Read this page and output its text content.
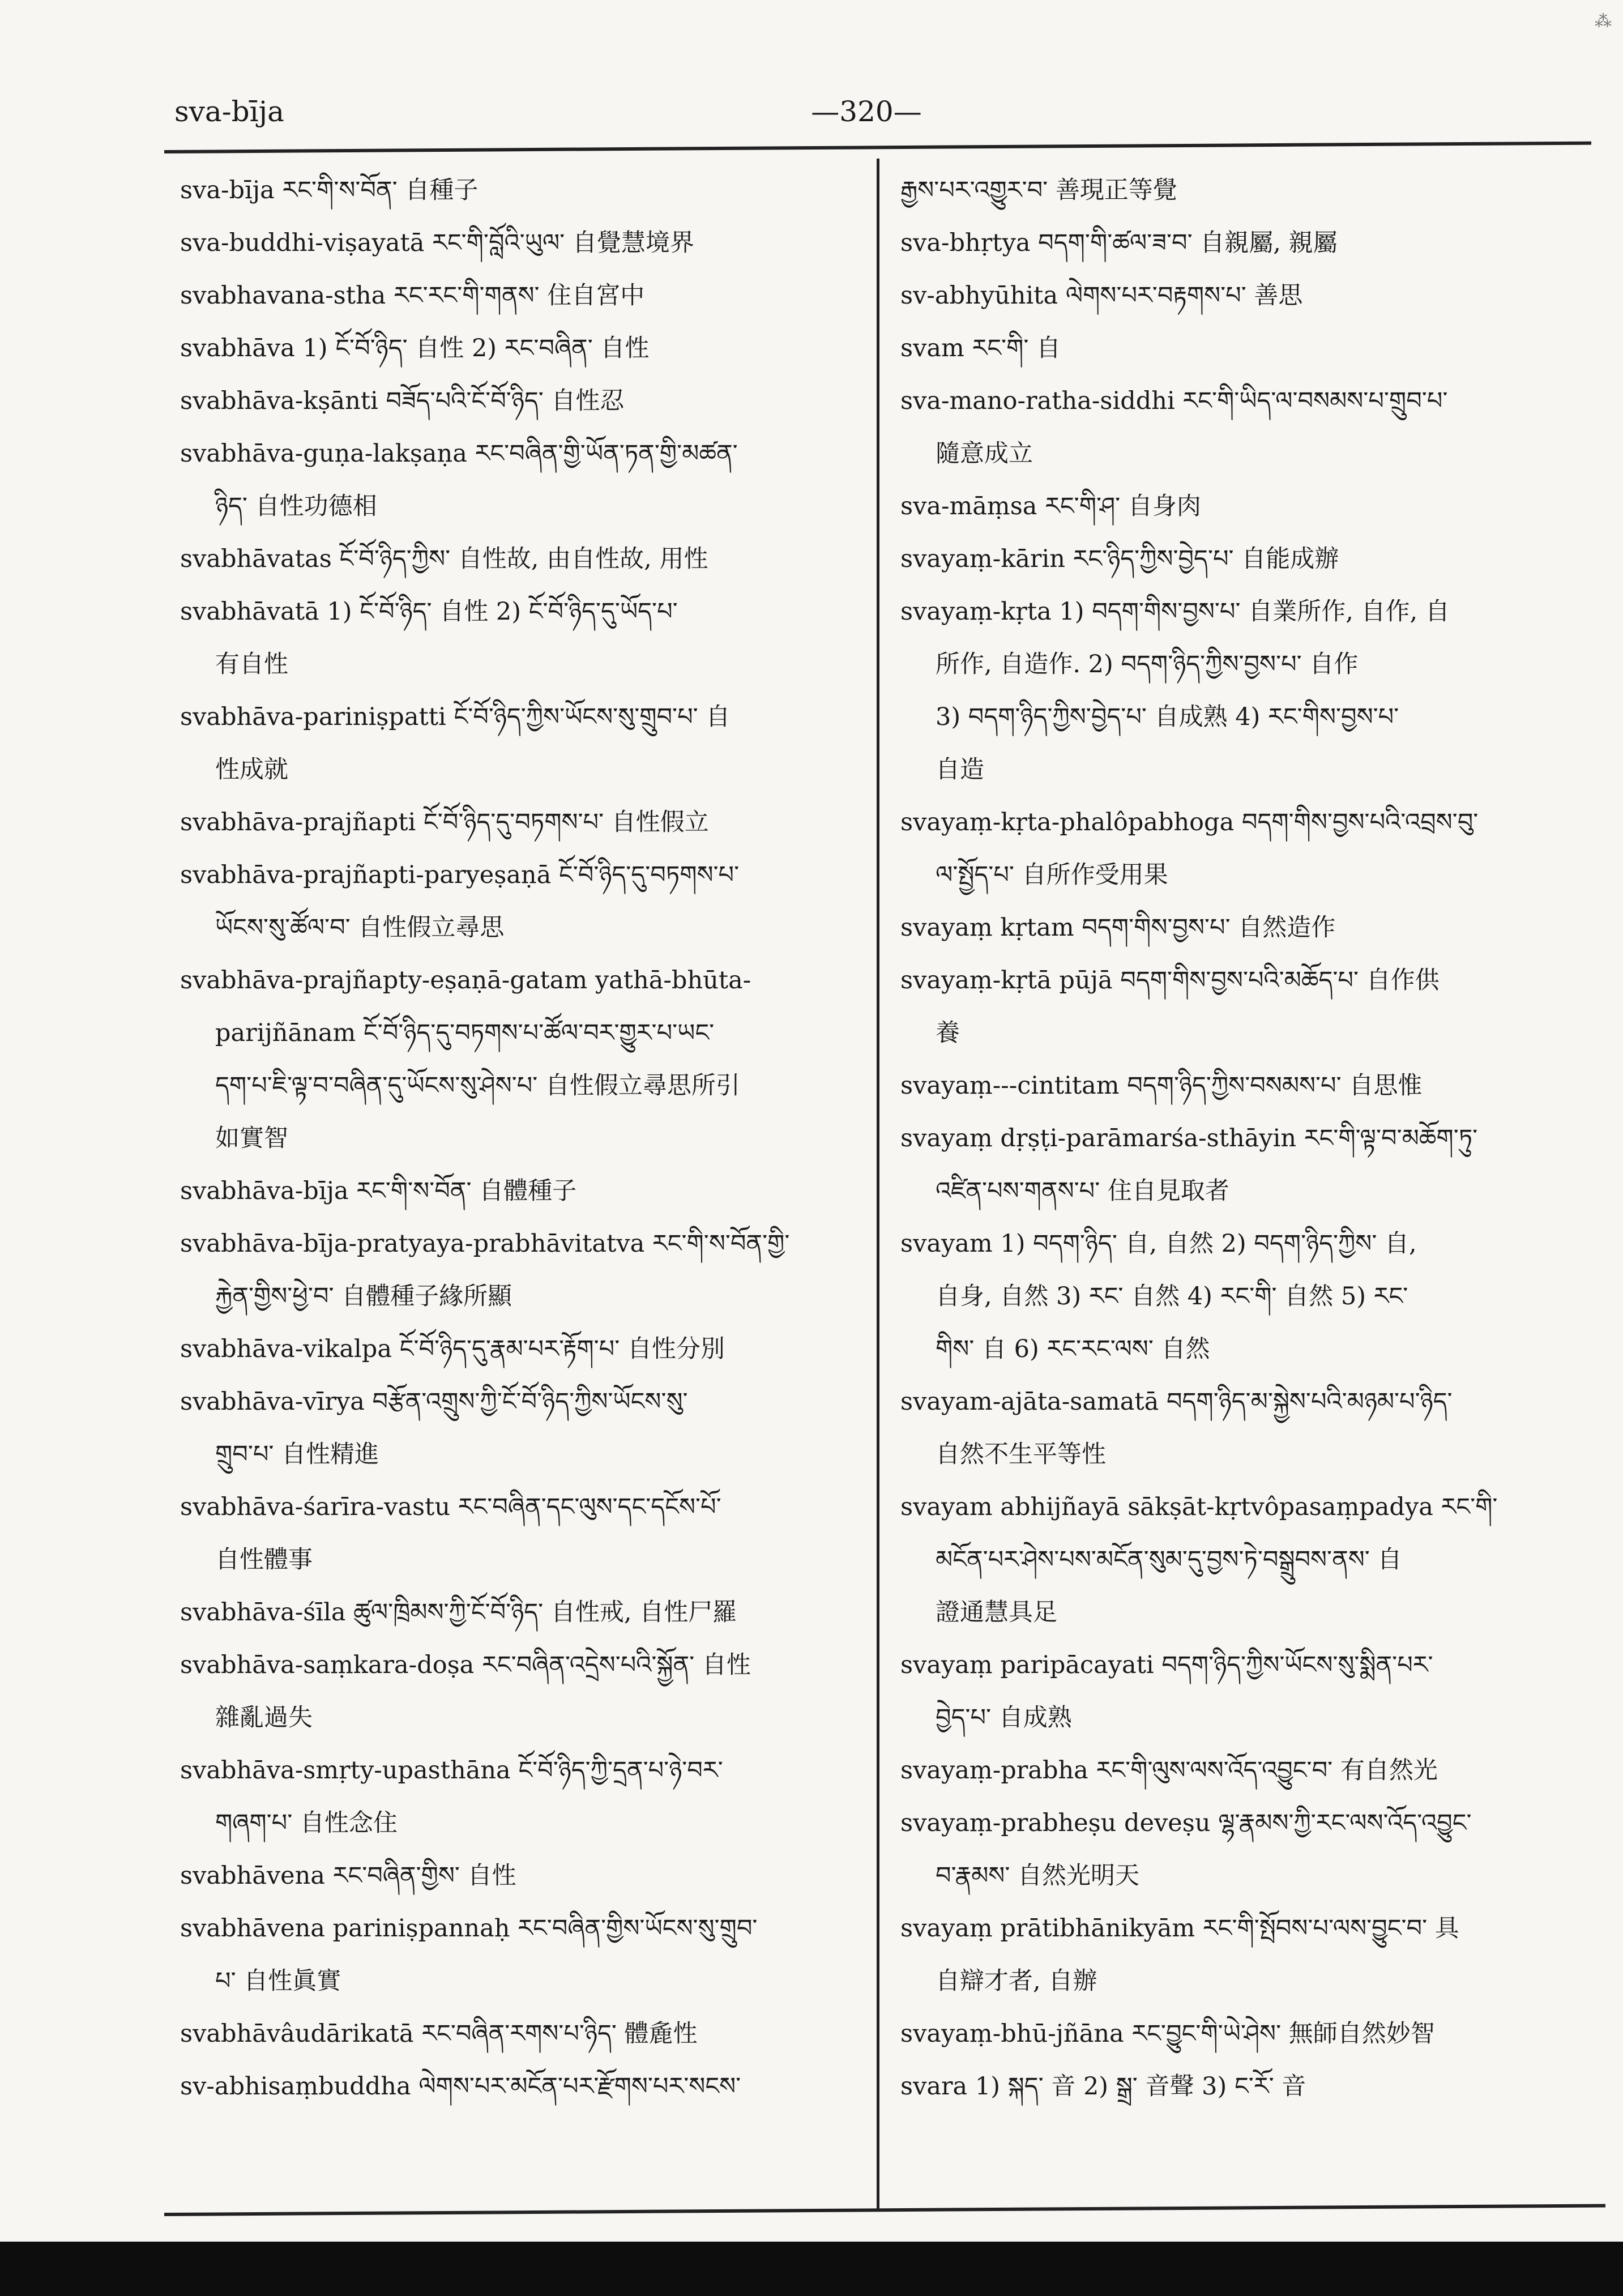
sva-bīja	—320—
⁂
sva-bīja རང་གི་ས་བོན་ 自種子
sva-buddhi-viṣayatā རང་གི་བློའི་ཡུལ་ 自覺慧境界
svabhavana-stha རང་རང་གི་གནས་ 住自宮中
svabhāva 1) ངོ་བོ་ཉིད་ 自性 2) རང་བཞིན་ 自性
svabhāva-kṣānti བཟོད་པའི་ངོ་བོ་ཉིད་ 自性忍
svabhāva-guṇa-lakṣaṇa རང་བཞིན་གྱི་ཡོན་ཏན་གྱི་མཚན་
ཉིད་ 自性功德相
svabhāvatas ངོ་བོ་ཉིད་ཀྱིས་ 自性故, 由自性故, 用性
svabhāvatā 1) ངོ་བོ་ཉིད་ 自性 2) ངོ་བོ་ཉིད་དུ་ཡོད་པ་
有自性
svabhāva-pariniṣpatti ངོ་བོ་ཉིད་ཀྱིས་ཡོངས་སུ་གྲུབ་པ་ 自
性成就
svabhāva-prajñapti ངོ་བོ་ཉིད་དུ་བཏགས་པ་ 自性假立
svabhāva-prajñapti-paryeṣaṇā ངོ་བོ་ཉིད་དུ་བཏགས་པ་
ཡོངས་སུ་ཚོལ་བ་ 自性假立尋思
svabhāva-prajñapty-eṣaṇā-gatam yathā-bhūta-
parijñānam ངོ་བོ་ཉིད་དུ་བཏགས་པ་ཚོལ་བར་གྱུར་པ་ཡང་
དག་པ་ཇི་ལྟ་བ་བཞིན་དུ་ཡོངས་སུ་ཤེས་པ་ 自性假立尋思所引
如實智
svabhāva-bīja རང་གི་ས་བོན་ 自體種子
svabhāva-bīja-pratyaya-prabhāvitatva རང་གི་ས་བོན་གྱི་
རྐྱེན་གྱིས་ཕྱེ་བ་ 自體種子緣所顯
svabhāva-vikalpa ངོ་བོ་ཉིད་དུ་རྣམ་པར་རྟོག་པ་ 自性分別
svabhāva-vīrya བརྩོན་འགྲུས་ཀྱི་ངོ་བོ་ཉིད་ཀྱིས་ཡོངས་སུ་
གྲུབ་པ་ 自性精進
svabhāva-śarīra-vastu རང་བཞིན་དང་ལུས་དང་དངོས་པོ་
自性體事
svabhāva-śīla ཚུལ་ཁྲིམས་ཀྱི་ངོ་བོ་ཉིད་ 自性戒, 自性尸羅
svabhāva-saṃkara-doṣa རང་བཞིན་འདྲེས་པའི་སྐྱོན་ 自性
雜亂過失
svabhāva-smṛty-upasthāna ངོ་བོ་ཉིད་ཀྱི་དྲན་པ་ཉེ་བར་
གཞག་པ་ 自性念住
svabhāvena རང་བཞིན་གྱིས་ 自性
svabhāvena pariniṣpannaḥ རང་བཞིན་གྱིས་ཡོངས་སུ་གྲུབ་
པ་ 自性眞實
svabhāvâudārikatā རང་བཞིན་རགས་པ་ཉིད་ 體麁性
sv-abhisaṃbuddha ལེགས་པར་མངོན་པར་རྫོགས་པར་སངས་
རྒྱས་པར་འགྱུར་བ་ 善現正等覺
sva-bhṛtya བདག་གི་ཚལ་ཟ་བ་ 自親屬, 親屬
sv-abhyūhita ལེགས་པར་བརྟགས་པ་ 善思
svam རང་གི་ 自
sva-mano-ratha-siddhi རང་གི་ཡིད་ལ་བསམས་པ་གྲུབ་པ་
隨意成立
sva-māṃsa རང་གི་ཤ་ 自身肉
svayaṃ-kārin རང་ཉིད་ཀྱིས་བྱེད་པ་ 自能成辦
svayaṃ-kṛta 1) བདག་གིས་བྱས་པ་ 自業所作, 自作, 自
所作, 自造作. 2) བདག་ཉིད་ཀྱིས་བྱས་པ་ 自作
3) བདག་ཉིད་ཀྱིས་བྱེད་པ་ 自成熟 4) རང་གིས་བྱས་པ་
自造
svayaṃ-kṛta-phalôpabhoga བདག་གིས་བྱས་པའི་འབྲས་བུ་
ལ་སྤྱོད་པ་ 自所作受用果
svayaṃ kṛtam བདག་གིས་བྱས་པ་ 自然造作
svayaṃ-kṛtā pūjā བདག་གིས་བྱས་པའི་མཆོད་པ་ 自作供
養
svayaṃ---cintitam བདག་ཉིད་ཀྱིས་བསམས་པ་ 自思惟
svayaṃ dṛṣṭi-parāmarśa-sthāyin རང་གི་ལྟ་བ་མཆོག་ཏུ་
འཛིན་པས་གནས་པ་ 住自見取者
svayam 1) བདག་ཉིད་ 自, 自然 2) བདག་ཉིད་ཀྱིས་ 自,
自身, 自然 3) རང་ 自然 4) རང་གི་ 自然 5) རང་
གིས་ 自 6) རང་རང་ལས་ 自然
svayam-ajāta-samatā བདག་ཉིད་མ་སྐྱེས་པའི་མཉམ་པ་ཉིད་
自然不生平等性
svayam abhijñayā sākṣāt-kṛtvôpasaṃpadya རང་གི་
མངོན་པར་ཤེས་པས་མངོན་སུམ་དུ་བྱས་ཏེ་བསྒྲུབས་ནས་ 自
證通慧具足
svayaṃ paripācayati བདག་ཉིད་ཀྱིས་ཡོངས་སུ་སྨིན་པར་
བྱེད་པ་ 自成熟
svayaṃ-prabha རང་གི་ལུས་ལས་འོད་འབྱུང་བ་ 有自然光
svayaṃ-prabheṣu deveṣu ལྷ་རྣམས་ཀྱི་རང་ལས་འོད་འབྱུང་
བ་རྣམས་ 自然光明天
svayaṃ prātibhānikyām རང་གི་སྤོབས་པ་ལས་བྱུང་བ་ 具
自辯才者, 自辦
svayaṃ-bhū-jñāna རང་བྱུང་གི་ཡེ་ཤེས་ 無師自然妙智
svara 1) སྐད་ 音 2) སྒྲ་ 音聲 3) ང་རོ་ 音
